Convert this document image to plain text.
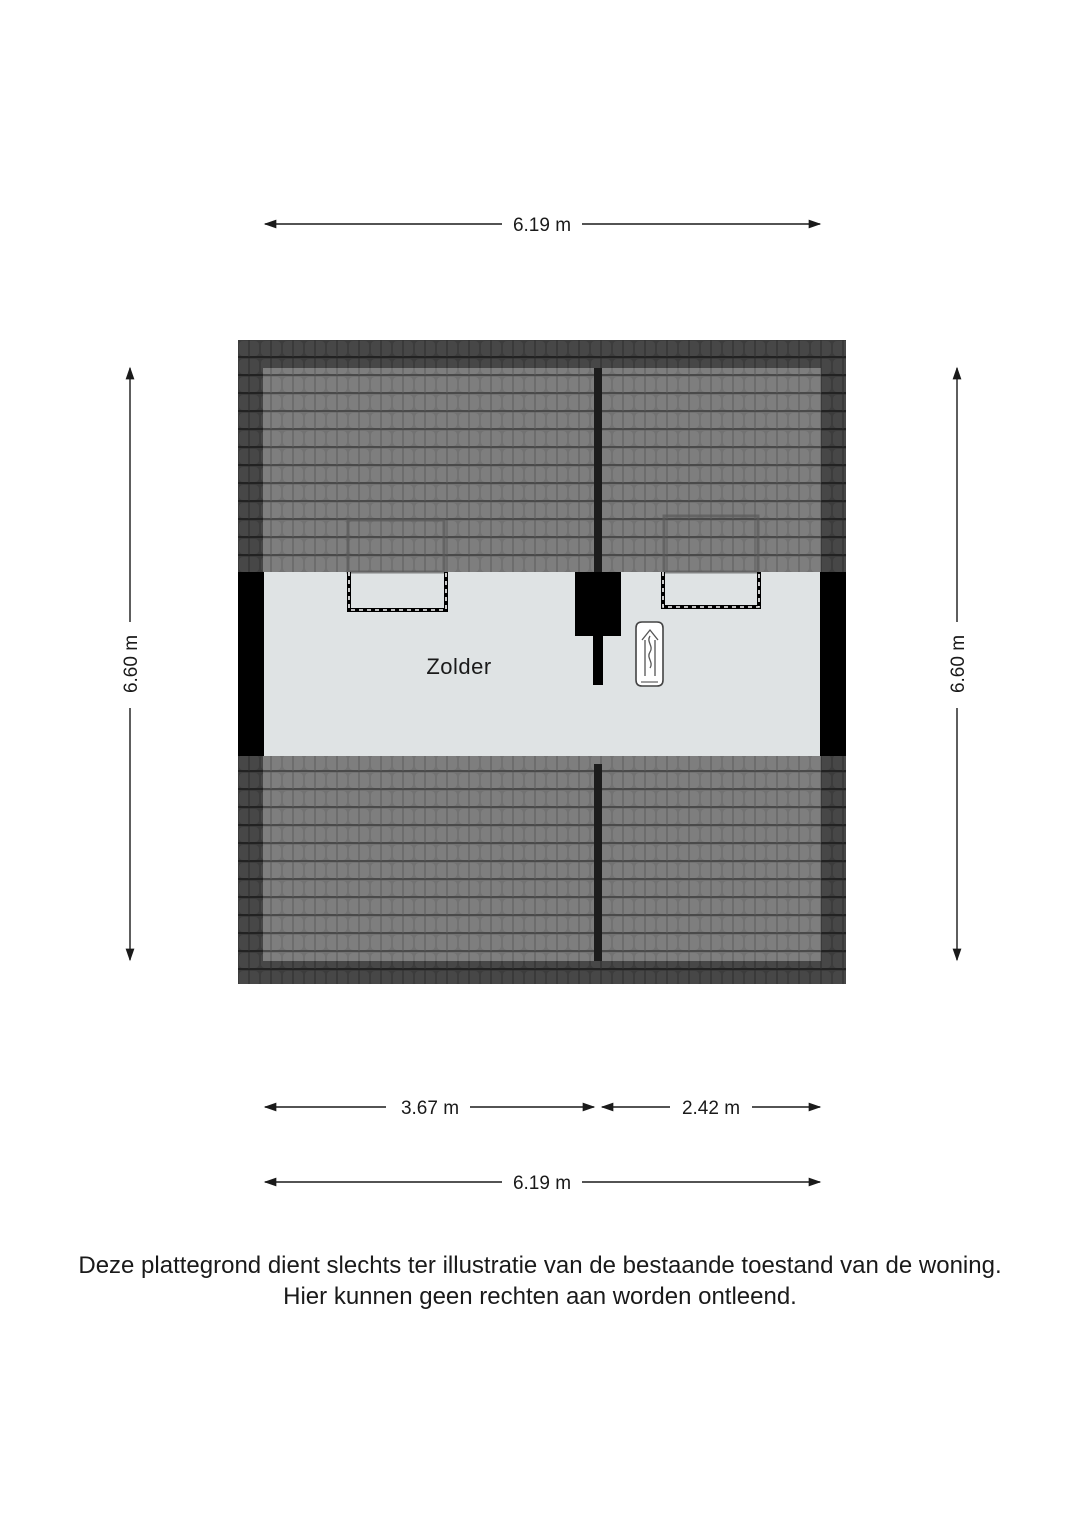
Zolder
6.19 m
6.60 m	6.60 m
3.67 m	2.42 m
6.19 m
Deze plattegrond dient slechts ter illustratie van de bestaande toestand van de woning.
Hier kunnen geen rechten aan worden ontleend.
